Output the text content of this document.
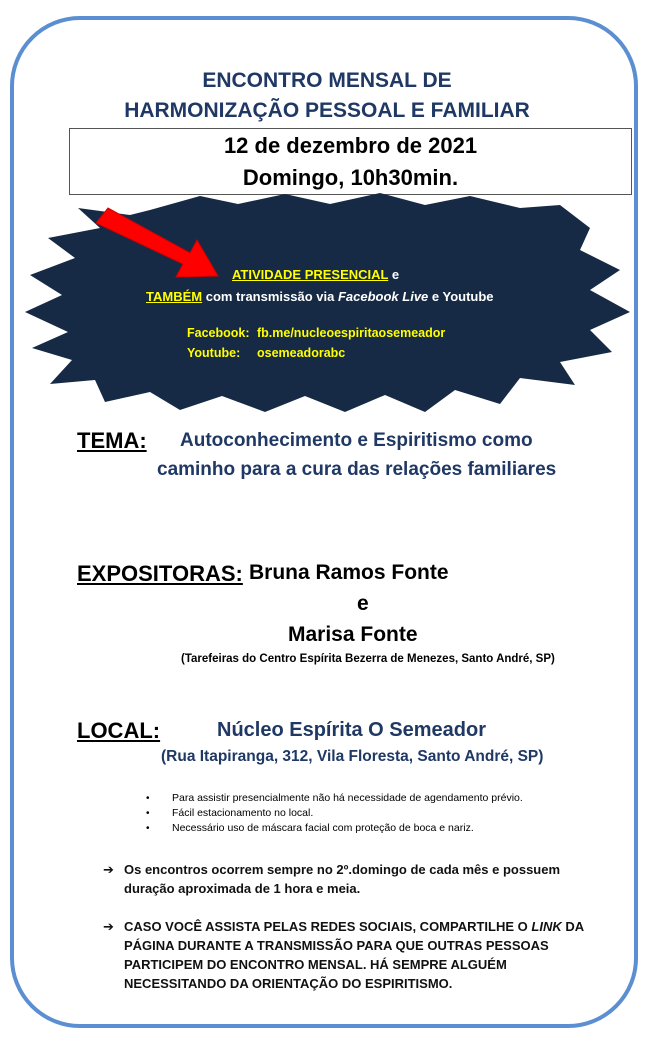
ENCONTRO MENSAL DE
HARMONIZAÇÃO PESSOAL E FAMILIAR
12 de dezembro de 2021
Domingo, 10h30min.
ATIVIDADE PRESENCIAL e
TAMBÉM com transmissão via Facebook Live e Youtube
Facebook: fb.me/nucleoespiritaosemeador
Youtube: osemeadorabc
TEMA: Autoconhecimento e Espiritismo como
caminho para a cura das relações familiares
EXPOSITORAS: Bruna Ramos Fonte
e
Marisa Fonte
(Tarefeiras do Centro Espírita Bezerra de Menezes, Santo André, SP)
LOCAL:	Núcleo Espírita O Semeador
(Rua Itapiranga, 312, Vila Floresta, Santo André, SP)
• Para assistir presencialmente não há necessidade de agendamento prévio.
• Fácil estacionamento no local.
• Necessário uso de máscara facial com proteção de boca e nariz.
➔ Os encontros ocorrem sempre no 2º.domingo de cada mês e possuem duração aproximada de 1 hora e meia.
➔ CASO VOCÊ ASSISTA PELAS REDES SOCIAIS, COMPARTILHE O LINK DA PÁGINA DURANTE A TRANSMISSÃO PARA QUE OUTRAS PESSOAS PARTICIPEM DO ENCONTRO MENSAL. HÁ SEMPRE ALGUÉM NECESSITANDO DA ORIENTAÇÃO DO ESPIRITISMO.
